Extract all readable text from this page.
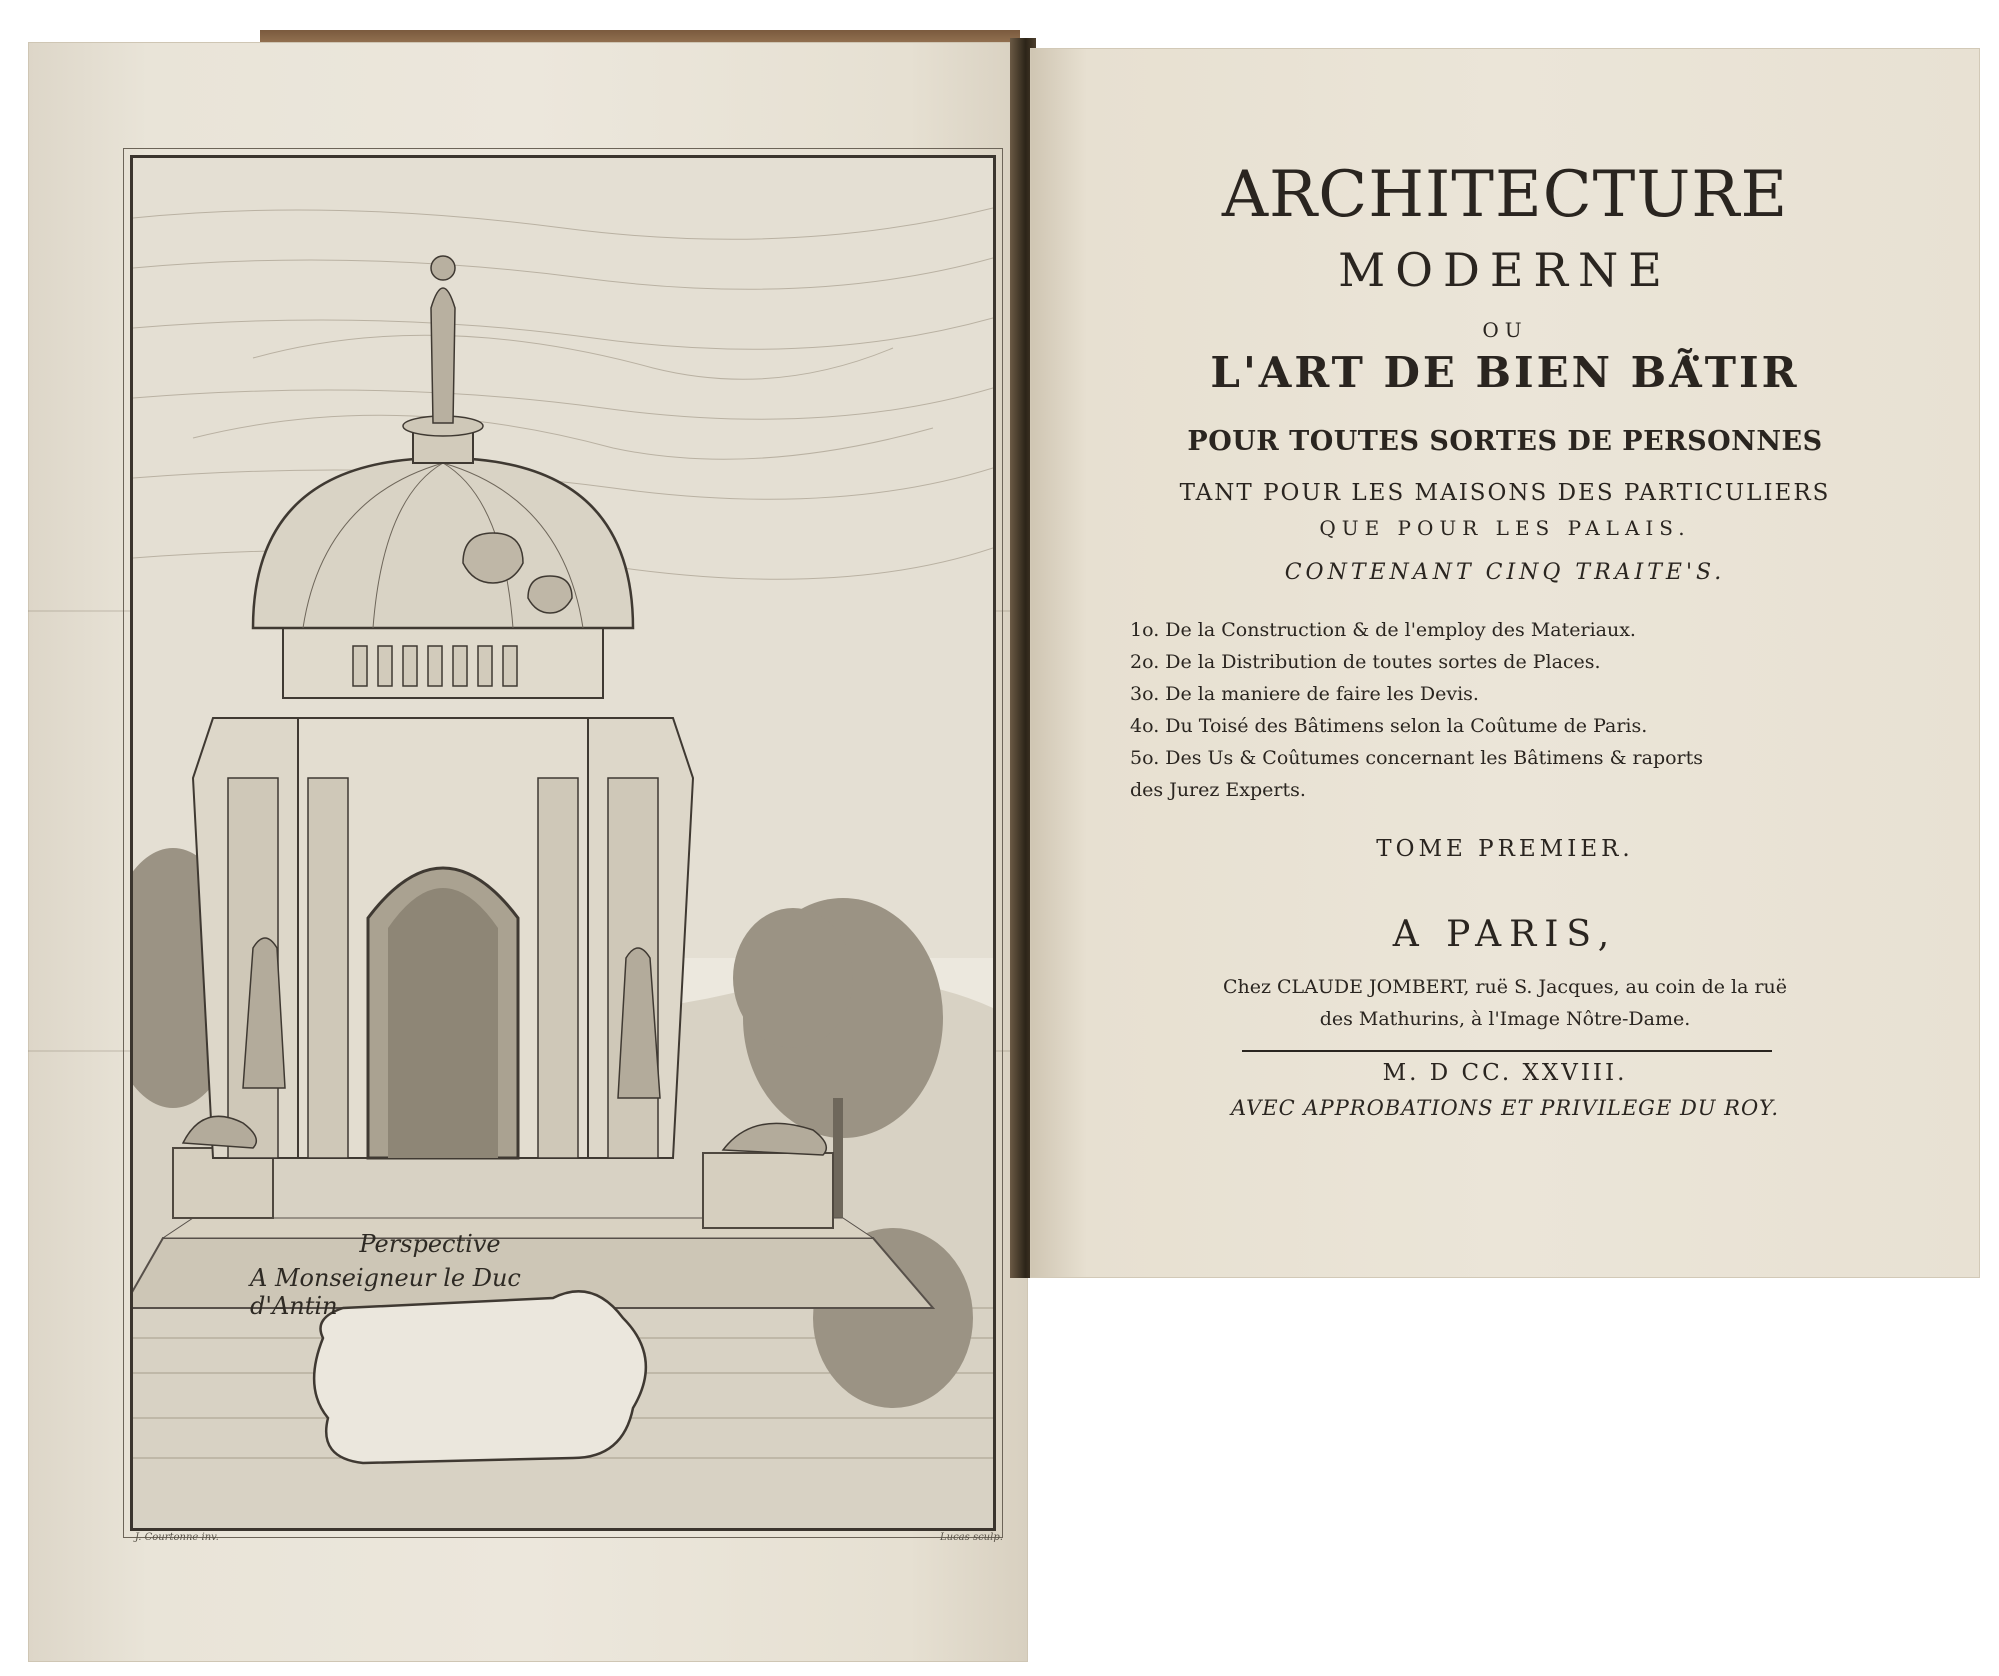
Perspective
A Monseigneur le Duc d'Antin
J. Courtonne inv.	Lucas sculp.
ARCHITECTURE
MODERNE
OU
L'ART DE BIEN BÃ̈TIR
POUR TOUTES SORTES DE PERSONNES
TANT POUR LES MAISONS DES PARTICULIERS
QUE POUR LES PALAIS.
CONTENANT CINQ TRAITE'S.
1o. De la Construction & de l'employ des Materiaux.
2o. De la Distribution de toutes sortes de Places.
3o. De la maniere de faire les Devis.
4o. Du Toisé des Bâtimens selon la Coûtume de Paris.
5o. Des Us & Coûtumes concernant les Bâtimens & raports
des Jurez Experts.
TOME PREMIER.
A PARIS,
Chez CLAUDE JOMBERT, ruë S. Jacques, au coin de la ruë
des Mathurins, à l'Image Nôtre-Dame.
M. D CC. XXVIII.
AVEC APPROBATIONS ET PRIVILEGE DU ROY.
